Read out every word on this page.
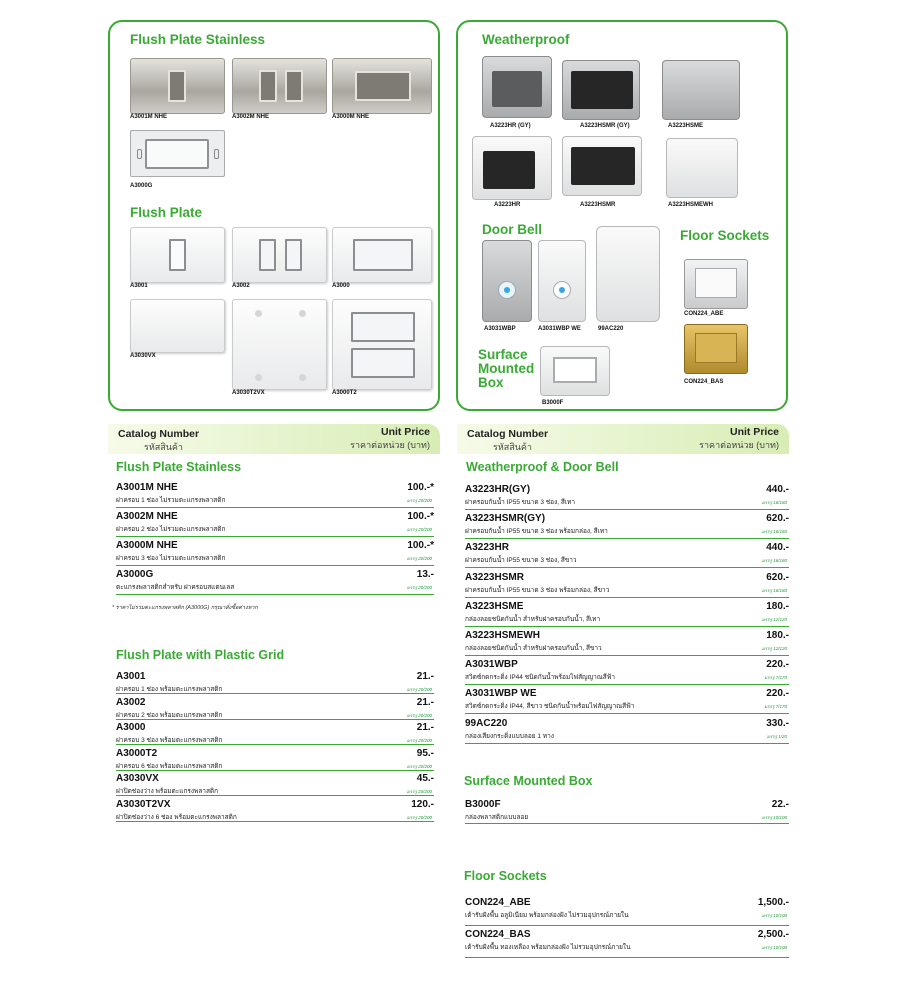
Flush Plate Stainless
A3001M NHE	A3002M NHE	A3000M NHE
A3000G
Flush Plate
A3001	A3002	A3000
A3030VX
A3030T2VX	A3000T2
Weatherproof
A3223HR (GY)	A3223HSMR (GY)	A3223HSME
A3223HR	A3223HSMR	A3223HSMEWH
Door Bell	Floor Sockets
A3031WBP	A3031WBP WE	99AC220
CON224_ABE
CON224_BAS
Surface
Mounted
Box
B3000F
Catalog Number
รหัสสินค้า
Unit Price
ราคาต่อหน่วย (บาท)
Flush Plate Stainless
A3001M NHE
ฝาครอบ 1 ช่อง ไม่รวมตะแกรงพลาสติก
100.-*
มรรรู 20/200
A3002M NHE
ฝาครอบ 2 ช่อง ไม่รวมตะแกรงพลาสติก
100.-*
มรรรู 20/200
A3000M NHE
ฝาครอบ 3 ช่อง ไม่รวมตะแกรงพลาสติก
100.-*
มรรรู 20/200
A3000G
ตะแกรงพลาสติกสำหรับ ฝาครอบสแตนเลส
13.-
มรรรู 20/200
* ราคาไม่รวมตะแกรงพลาสติก (A3000G) กรุณาสั่งซื้อต่างหาก
Flush Plate with Plastic Grid
A3001
ฝาครอบ 1 ช่อง พร้อมตะแกรงพลาสติก
21.-
มรรรู 20/200
A3002
ฝาครอบ 2 ช่อง พร้อมตะแกรงพลาสติก
21.-
มรรรู 20/200
A3000
ฝาครอบ 3 ช่อง พร้อมตะแกรงพลาสติก
21.-
มรรรู 20/200
A3000T2
ฝาครอบ 6 ช่อง พร้อมตะแกรงพลาสติก
95.-
มรรรู 20/200
A3030VX
ฝาปิดช่องว่าง พร้อมตะแกรงพลาสติก
45.-
มรรรู 20/200
A3030T2VX
ฝาปิดช่องว่าง 6 ช่อง พร้อมตะแกรงพลาสติก
120.-
มรรรู 20/200
Catalog Number
รหัสสินค้า
Unit Price
ราคาต่อหน่วย (บาท)
Weatherproof & Door Bell
A3223HR(GY)
ฝาครอบกันน้ำ IP55 ขนาด 3 ช่อง, สีเทา
440.-
มรรรู 16/160
A3223HSMR(GY)
ฝาครอบกันน้ำ IP55 ขนาด 3 ช่อง พร้อมกล่อง, สีเทา
620.-
มรรรู 16/160
A3223HR
ฝาครอบกันน้ำ IP55 ขนาด 3 ช่อง, สีขาว
440.-
มรรรู 16/160
A3223HSMR
ฝาครอบกันน้ำ IP55 ขนาด 3 ช่อง พร้อมกล่อง, สีขาว
620.-
มรรรู 16/160
A3223HSME
กล่องลอยชนิดกันน้ำ สำหรับฝาครอบกันน้ำ, สีเทา
180.-
มรรรู 12/120
A3223HSMEWH
กล่องลอยชนิดกันน้ำ สำหรับฝาครอบกันน้ำ, สีขาว
180.-
มรรรู 12/120
A3031WBP
สวิตซ์กดกระดิ่ง IP44 ชนิดกันน้ำพร้อมไฟสัญญาณสีฟ้า
220.-
มรรรู 7/170
A3031WBP WE
สวิตซ์กดกระดิ่ง IP44, สีขาว ชนิดกันน้ำพร้อมไฟสัญญาณสีฟ้า
220.-
มรรรู 7/170
99AC220
กล่องเสียงกระดิ่งแบบลอย 1 ทาง
330.-
มรรรู 1/20
Surface Mounted Box
B3000F
กล่องพลาสติกแบบลอย
22.-
มรรรู 10/100
Floor Sockets
CON224_ABE
เต้ารับฝังพื้น อลูมิเนียม พร้อมกล่องฝัง ไม่รวมอุปกรณ์ภายใน
1,500.-
มรรรู 10/100
CON224_BAS
เต้ารับฝังพื้น ทองเหลือง พร้อมกล่องฝัง ไม่รวมอุปกรณ์ภายใน
2,500.-
มรรรู 10/100
